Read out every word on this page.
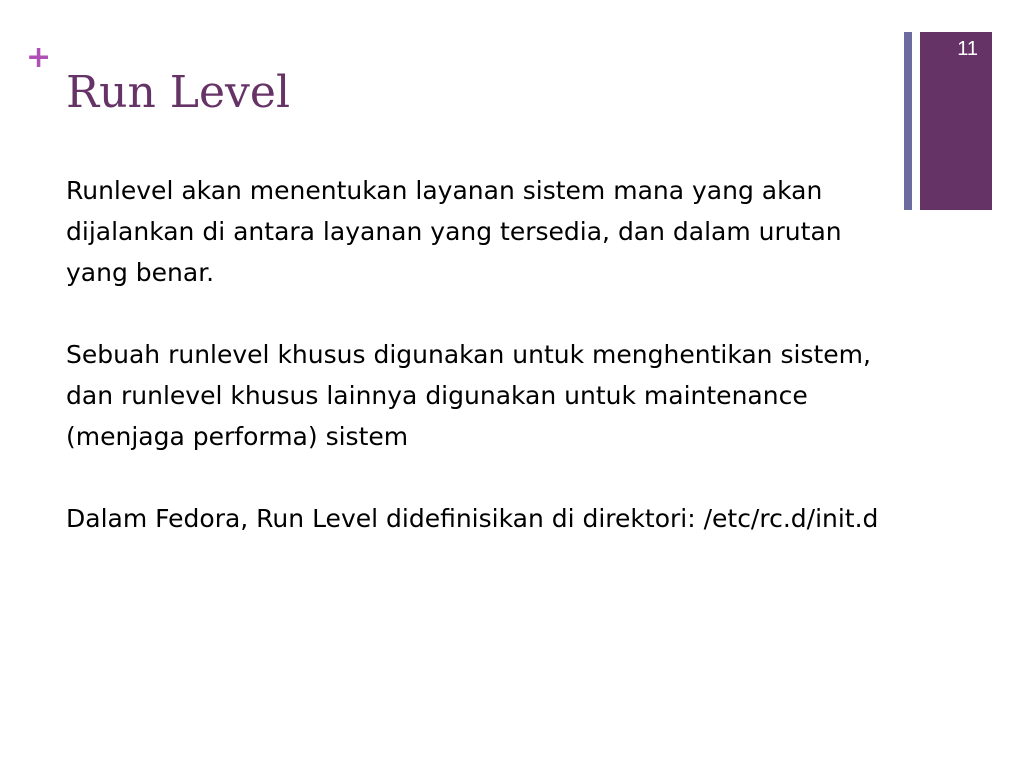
+
Run Level
11

Runlevel akan menentukan layanan sistem mana yang akan dijalankan di antara layanan yang tersedia, dan dalam urutan yang benar.

Sebuah runlevel khusus digunakan untuk menghentikan sistem, dan runlevel khusus lainnya digunakan untuk maintenance (menjaga performa) sistem

Dalam Fedora, Run Level didefinisikan di direktori: /etc/rc.d/init.d
